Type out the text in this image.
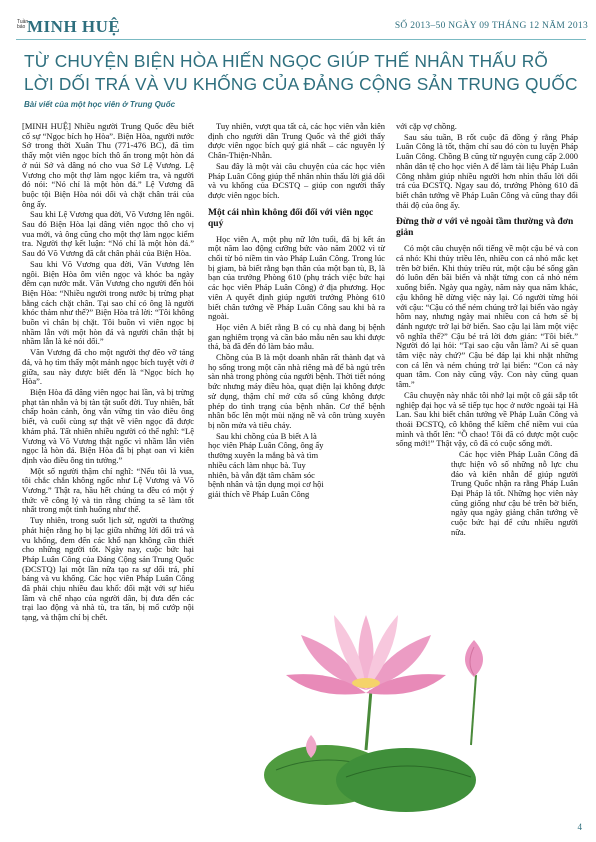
Tuần báo MINH HUỆ	SỐ 2013–50 NGÀY 09 THÁNG 12 NĂM 2013
TỪ CHUYỆN BIỆN HÒA HIẾN NGỌC GIÚP THẾ NHÂN THẤU RÕ
LỜI DỐI TRÁ VÀ VU KHỐNG CỦA ĐẢNG CỘNG SẢN TRUNG QUỐC
Bài viết của một học viên ở Trung Quốc

[MINH HUỆ] Nhiều người Trung Quốc đều biết cố sự “Ngọc bích họ Hòa”. Biện Hòa, người nước Sở trong thời Xuân Thu (771-476 BC), đã tìm thấy một viên ngọc bích thô ẩn trong một hòn đá ở núi Sở và dâng nó cho vua Sở Lệ Vương. Lệ Vương cho một thợ làm ngọc kiểm tra, và người đó nói: “Nó chỉ là một hòn đá.” Lệ Vương đã buộc tội Biện Hòa nói dối và chặt chân trái của ông ấy.

Sau khi Lệ Vương qua đời, Võ Vương lên ngôi. Sau đó Biện Hòa lại dâng viên ngọc thô cho vị vua mới, và ông cũng cho một thợ làm ngọc kiểm tra. Người thợ kết luận: “Nó chỉ là một hòn đá.” Sau đó Võ Vương đã cắt chân phải của Biện Hòa.

Sau khi Võ Vương qua đời, Văn Vương lên ngôi. Biện Hòa ôm viên ngọc và khóc ba ngày đêm cạn nước mắt. Văn Vương cho người đến hỏi Biện Hòa: “Nhiều người trong nước bị trừng phạt bằng cách chặt chân. Tại sao chỉ có ông là người khóc thảm như thế?” Biện Hòa trả lời: “Tôi không buồn vì chân bị chặt. Tôi buồn vì viên ngọc bị nhầm lẫn với một hòn đá và người chân thật bị nhầm lẫn là kẻ nói dối.”

Văn Vương đã cho một người thợ đẽo vỡ tảng đá, và họ tìm thấy một mảnh ngọc bích tuyệt vời ở giữa, sau này được biết đến là “Ngọc bích họ Hòa”.

Biện Hòa đã dâng viên ngọc hai lần, và bị trừng phạt tàn nhẫn và bị tàn tật suốt đời. Tuy nhiên, bất chấp hoàn cảnh, ông vẫn vững tin vào điều ông biết, và cuối cùng sự thật về viên ngọc đã được khám phá. Tất nhiên nhiều người có thể nghĩ: “Lệ Vương và Võ Vương thật ngốc vì nhầm lẫn viên ngọc là hòn đá. Biện Hòa đã bị phạt oan vì kiên định vào điều ông tin tưởng.”

Một số người thậm chí nghĩ: “Nếu tôi là vua, tôi chắc chắn không ngốc như Lệ Vương và Võ Vương.” Thật ra, hầu hết chúng ta đều có một ý thức về công lý và tin rằng chúng ta sẽ làm tốt nhất trong một tình huống như thế.

Tuy nhiên, trong suốt lịch sử, người ta thường phát hiện rằng họ bị lạc giữa những lời dối trá và vu khống, đem đến các khổ nạn không cần thiết cho những người tốt. Ngày nay, cuộc bức hại Pháp Luân Công của Đảng Cộng sản Trung Quốc (ĐCSTQ) lại một lần nữa tạo ra sự dối trá, phỉ báng và vu khống. Các học viên Pháp Luân Công đã phải chịu nhiều đau khổ: đối mặt với sự hiểu lầm và chế nhạo của người dân, bị đưa đến các trại lao động và nhà tù, tra tấn, bị mổ cướp nội tạng, và thậm chí bị chết.

Tuy nhiên, vượt qua tất cả, các học viên vẫn kiên định cho người dân Trung Quốc và thế giới thấy được viên ngọc bích quý giá nhất – các nguyên lý Chân-Thiện-Nhẫn.

Sau đây là một vài câu chuyện của các học viên Pháp Luân Công giúp thế nhân nhìn thấu lời giả dối và vu khống của ĐCSTQ – giúp con người thấy được viên ngọc bích.

Một cái nhìn không đổi đối với viên ngọc quý

Học viên A, một phụ nữ lớn tuổi, đã bị kết án một năm lao động cưỡng bức vào năm 2002 vì từ chối từ bỏ niềm tin vào Pháp Luân Công. Trong lúc bị giam, bà biết rằng bạn thân của một bạn tù, B, là bạn của trưởng Phòng 610 (phụ trách việc bức hại các học viên Pháp Luân Công) ở địa phương. Học viên A quyết định giúp người trưởng Phòng 610 biết chân tướng về Pháp Luân Công sau khi bà ra ngoài.

Học viên A biết rằng B có cụ nhà đang bị bệnh gan nghiêm trọng và cần bảo mẫu nên sau khi được thả, bà đã đến đó làm bảo mẫu.

Chồng của B là một doanh nhân rất thành đạt và họ sống trong một căn nhà riêng mà để bà ngủ trên sàn nhà trong phòng của người bệnh. Thời tiết nóng bức nhưng máy điều hòa, quạt điện lại không được sử dụng, thậm chí mở cửa sổ cũng không được phép do tình trạng của bệnh nhân. Cơ thể bệnh nhân bốc lên một mùi nặng nề và côn trùng xuyên bị nồn mửa và tiêu chảy.

Sau khi chồng của B biết A là học viên Pháp Luân Công, ông ấy thường xuyên la mắng bà và tìm nhiều cách làm nhục bà. Tuy nhiên, bà vẫn đặt tâm chăm sóc bệnh nhân và tận dụng mọi cơ hội giải thích về Pháp Luân Công

với cặp vợ chồng.

Sau sáu tuần, B rốt cuộc đã đồng ý rằng Pháp Luân Công là tốt, thậm chí sau đó còn tu luyện Pháp Luân Công. Chồng B cũng từ nguyện cung cấp 2.000 nhân dân tệ cho học viên A để làm tài liệu Pháp Luân Công nhằm giúp nhiều người hơn nhìn thấu lời dối trá của ĐCSTQ. Ngay sau đó, trưởng Phòng 610 đã biết chân tướng về Pháp Luân Công và cũng thay đổi thái độ của ông ấy.

Đừng thờ ơ với vẻ ngoài tầm thường và đơn giản

Có một câu chuyện nổi tiếng về một cậu bé và con cá nhỏ: Khi thủy triều lên, nhiều con cá nhỏ mắc kẹt trên bờ biển. Khi thủy triều rút, một cậu bé sống gần đó luôn đến bãi biển và nhặt từng con cá nhỏ ném xuống biển. Ngày qua ngày, năm này qua năm khác, cậu không hề dừng việc này lại. Có người từng hỏi với cậu: “Cậu có thể ném chúng trở lại biển vào ngày hôm nay, nhưng ngày mai nhiều con cá hơn sẽ bị đánh ngược trở lại bờ biển. Sao cậu lại làm một việc vô nghĩa thế?” Cậu bé trả lời đơn giản: “Tôi biết.” Người đó lại hỏi: “Tại sao cậu vẫn làm? Ai sẽ quan tâm việc này chứ?” Cậu bé đáp lại khi nhặt những con cá lên và ném chúng trở lại biển: “Con cá này quan tâm. Con này cũng vậy. Con này cũng quan tâm.”

Câu chuyện này nhắc tôi nhớ lại một cô gái sắp tốt nghiệp đại học và sẽ tiếp tục học ở nước ngoài tại Hà Lan. Sau khi biết chân tướng về Pháp Luân Công và thoái ĐCSTQ, cô không thể kiềm chế niềm vui của mình và thốt lên: “Ồ chao! Tôi đã có được một cuộc sống mới!” Thật vậy, cô đã có cuộc sống mới.

Các học viên Pháp Luân Công đã thực hiện vô số những nỗ lực chu đáo và kiên nhẫn để giúp người Trung Quốc nhận ra rằng Pháp Luân Đại Pháp là tốt. Những học viên này cũng giống như cậu bé trên bờ biển, ngày qua ngày giảng chân tướng về cuộc bức hại để cứu nhiều người nữa.

4
